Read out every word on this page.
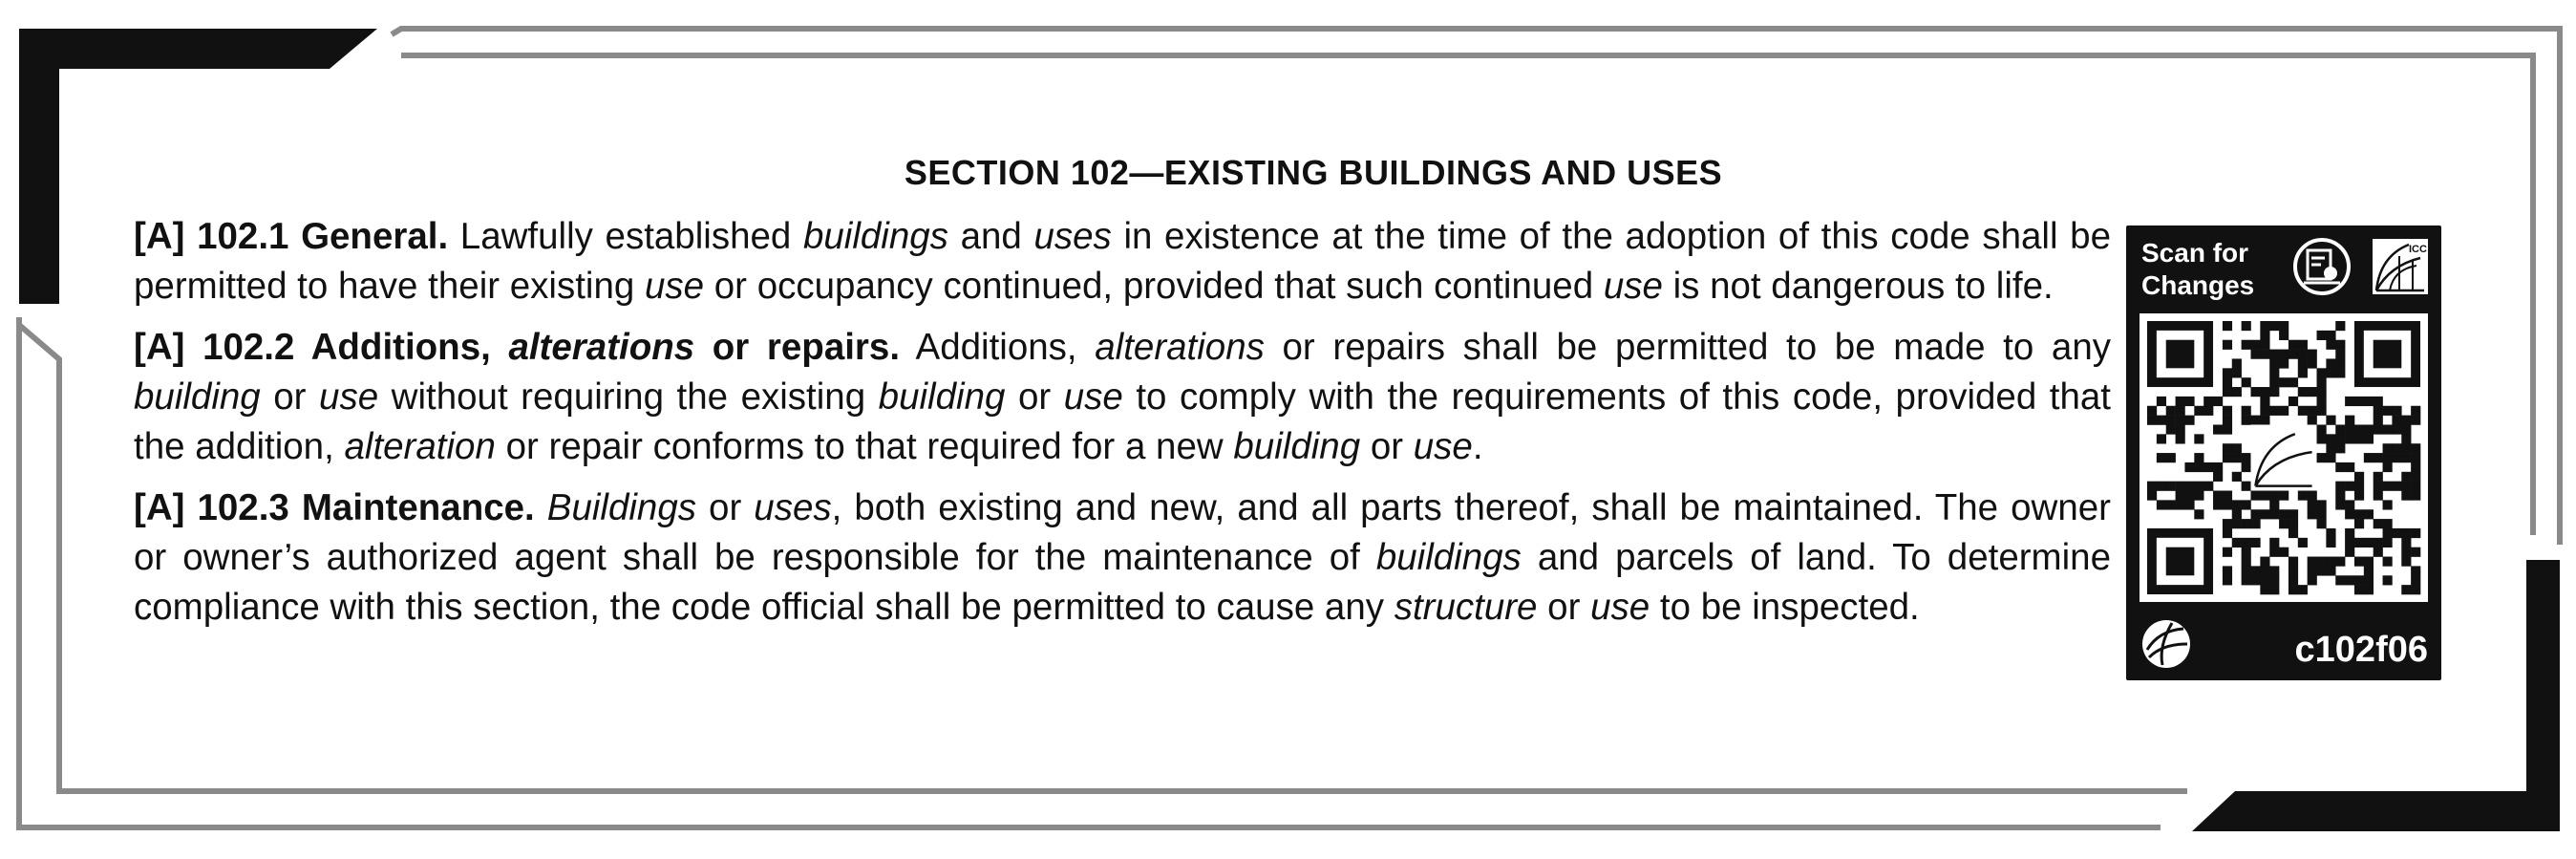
SECTION 102—EXISTING BUILDINGS AND USES

[A] 102.1 General. Lawfully established buildings and uses in existence at the time of the adoption of this code shall be permitted to have their existing use or occupancy continued, provided that such continued use is not dangerous to life.

[A] 102.2 Additions, alterations or repairs. Additions, alterations or repairs shall be permitted to be made to any building or use without requiring the existing building or use to comply with the requirements of this code, provided that the addition, alteration or repair conforms to that required for a new building or use.

[A] 102.3 Maintenance. Buildings or uses, both existing and new, and all parts thereof, shall be maintained. The owner or owner’s authorized agent shall be responsible for the maintenance of buildings and parcels of land. To determine compliance with this section, the code official shall be permitted to cause any structure or use to be inspected.

Scan for
Changes
ICC
c102f06
